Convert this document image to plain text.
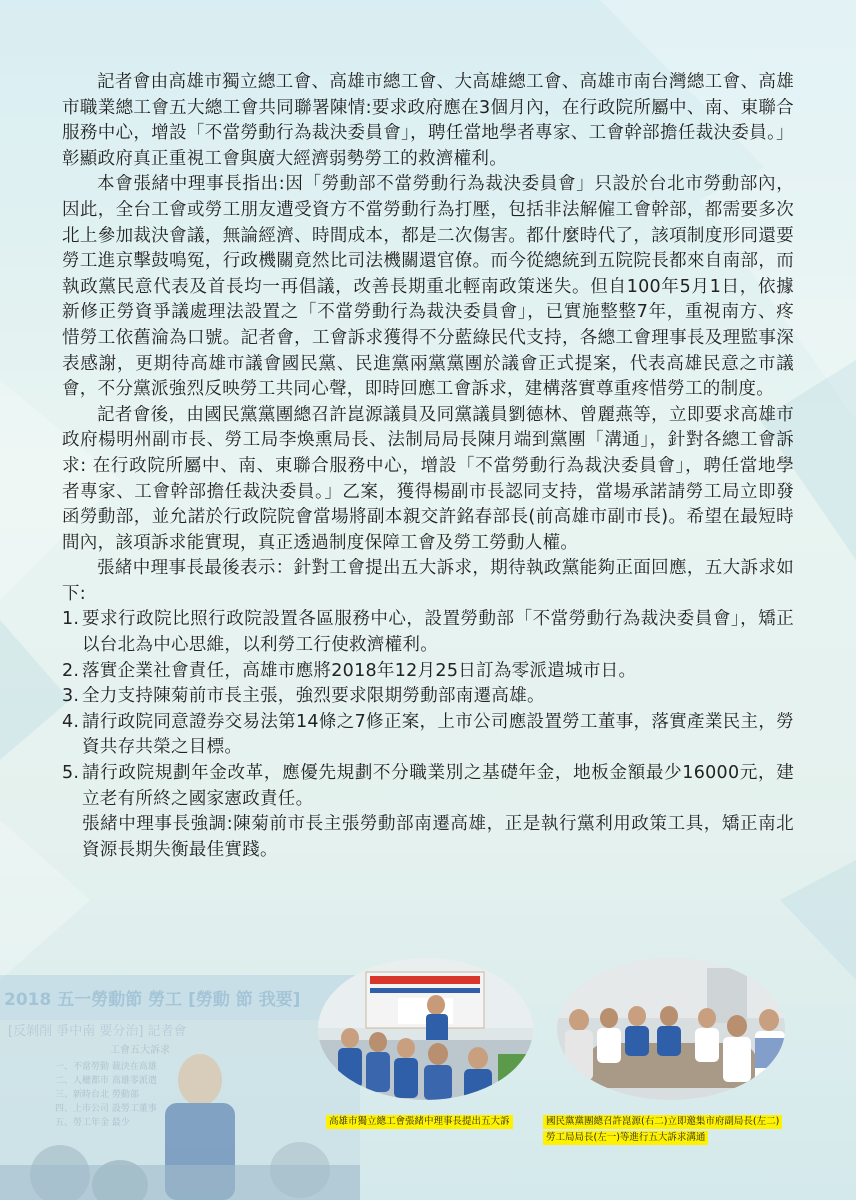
2018 五一勞動節 勞工 [勞動 節 我要]
[反剝削 爭中南 要分治] 記者會
工會五大訴求
一、不當勞動 裁決在高雄
二、人權都市 高雄零派遣
三、新時台北 勞動部
四、上市公司 設勞工董事
五、勞工年金 最少	高雄市獨立總工會張緒中理事長提出五大訴	國民黨黨團總召許崑源(右二)立即邀集市府副局長(左二)
勞工局局長(左一)等進行五大訴求溝通

記者會由高雄市獨立總工會、高雄市總工會、大高雄總工會、高雄市南台灣總工會、高雄市職業總工會五大總工會共同聯署陳情:要求政府應在3個月內，在行政院所屬中、南、東聯合服務中心，增設「不當勞動行為裁決委員會」，聘任當地學者專家、工會幹部擔任裁決委員。」彰顯政府真正重視工會與廣大經濟弱勢勞工的救濟權利。

本會張緒中理事長指出:因「勞動部不當勞動行為裁決委員會」只設於台北市勞動部內，因此，全台工會或勞工朋友遭受資方不當勞動行為打壓，包括非法解僱工會幹部，都需要多次北上參加裁決會議，無論經濟、時間成本，都是二次傷害。都什麼時代了，該項制度形同還要勞工進京擊鼓鳴冤，行政機關竟然比司法機關還官僚。而今從總統到五院院長都來自南部，而執政黨民意代表及首長均一再倡議，改善長期重北輕南政策迷失。但自100年5月1日，依據新修正勞資爭議處理法設置之「不當勞動行為裁決委員會」，已實施整整7年，重視南方、疼惜勞工依舊淪為口號。記者會，工會訴求獲得不分藍綠民代支持，各總工會理事長及理監事深表感謝，更期待高雄市議會國民黨、民進黨兩黨黨團於議會正式提案，代表高雄民意之市議會，不分黨派強烈反映勞工共同心聲，即時回應工會訴求，建構落實尊重疼惜勞工的制度。

記者會後，由國民黨黨團總召許崑源議員及同黨議員劉德林、曾麗燕等，立即要求高雄市政府楊明州副市長、勞工局李煥熏局長、法制局局長陳月端到黨團「溝通」，針對各總工會訴求: 在行政院所屬中、南、東聯合服務中心，增設「不當勞動行為裁決委員會」，聘任當地學者專家、工會幹部擔任裁決委員。」乙案，獲得楊副市長認同支持，當場承諾請勞工局立即發函勞動部，並允諾於行政院院會當場將副本親交許銘春部長(前高雄市副市長)。希望在最短時間內，該項訴求能實現，真正透過制度保障工會及勞工勞動人權。

張緒中理事長最後表示：針對工會提出五大訴求，期待執政黨能夠正面回應，五大訴求如下:

1. 要求行政院比照行政院設置各區服務中心，設置勞動部「不當勞動行為裁決委員會」，矯正以台北為中心思維，以利勞工行使救濟權利。
2. 落實企業社會責任，高雄市應將2018年12月25日訂為零派遣城市日。
3. 全力支持陳菊前市長主張，強烈要求限期勞動部南遷高雄。
4. 請行政院同意證券交易法第14條之7修正案，上市公司應設置勞工董事，落實產業民主，勞資共存共榮之目標。
5. 請行政院規劃年金改革，應優先規劃不分職業別之基礎年金，地板金額最少16000元，建立老有所終之國家憲政責任。

張緒中理事長強調:陳菊前市長主張勞動部南遷高雄，正是執行黨利用政策工具，矯正南北資源長期失衡最佳實踐。
